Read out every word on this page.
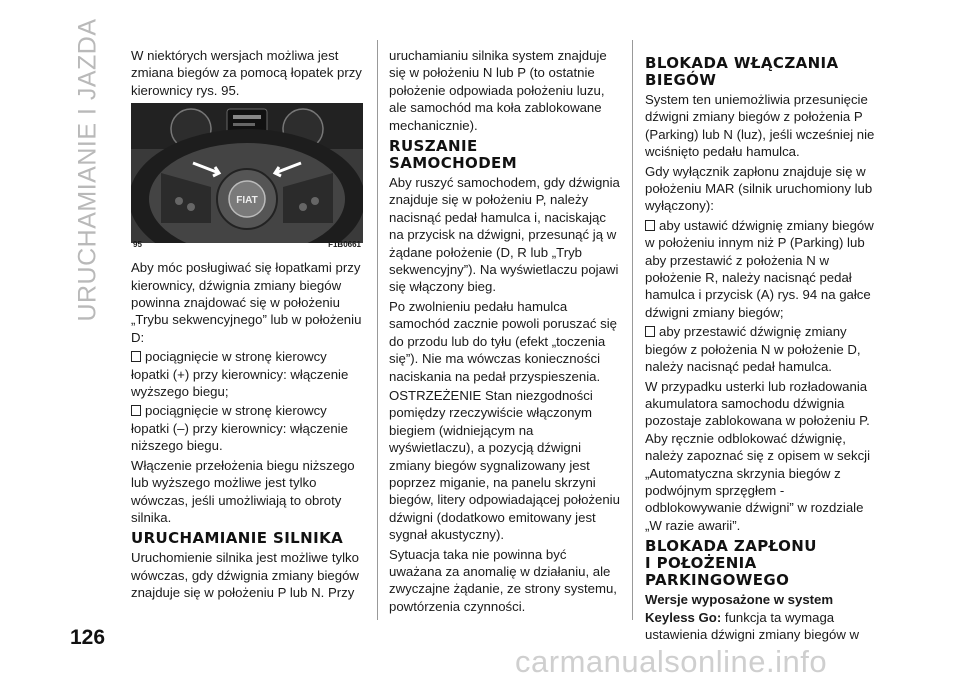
URUCHAMIANIE I JAZDA W niektórych wersjach możliwa jest zmiana biegów za pomocą łopatek przy kierownicy rys. 95.

FIAT
95	F1B0661

Aby móc posługiwać się łopatkami przy kierownicy, dźwignia zmiany biegów powinna znajdować się w położeniu „Trybu sekwencyjnego” lub w położeniu D:

pociągnięcie w stronę kierowcy łopatki (+) przy kierownicy: włączenie wyższego biegu;

pociągnięcie w stronę kierowcy łopatki (–) przy kierownicy: włączenie niższego biegu.

Włączenie przełożenia biegu niższego lub wyższego możliwe jest tylko wówczas, jeśli umożliwiają to obroty silnika.

URUCHAMIANIE SILNIKA

Uruchomienie silnika jest możliwe tylko wówczas, gdy dźwignia zmiany biegów znajduje się w położeniu P lub N. Przy

uruchamianiu silnika system znajduje się w położeniu N lub P (to ostatnie położenie odpowiada położeniu luzu, ale samochód ma koła zablokowane mechanicznie).

RUSZANIE
SAMOCHODEM

Aby ruszyć samochodem, gdy dźwignia znajduje się w położeniu P, należy nacisnąć pedał hamulca i, naciskając na przycisk na dźwigni, przesunąć ją w żądane położenie (D, R lub „Tryb sekwencyjny”). Na wyświetlaczu pojawi się włączony bieg.

Po zwolnieniu pedału hamulca samochód zacznie powoli poruszać się do przodu lub do tyłu (efekt „toczenia się”). Nie ma wówczas konieczności naciskania na pedał przyspieszenia.

OSTRZEŻENIE Stan niezgodności pomiędzy rzeczywiście włączonym biegiem (widniejącym na wyświetlaczu), a pozycją dźwigni zmiany biegów sygnalizowany jest poprzez miganie, na panelu skrzyni biegów, litery odpowiadającej położeniu dźwigni (dodatkowo emitowany jest sygnał akustyczny).

Sytuacja taka nie powinna być uważana za anomalię w działaniu, ale zwyczajne żądanie, ze strony systemu, powtórzenia czynności.

BLOKADA WŁĄCZANIA
BIEGÓW

System ten uniemożliwia przesunięcie dźwigni zmiany biegów z położenia P (Parking) lub N (luz), jeśli wcześniej nie wciśnięto pedału hamulca.

Gdy wyłącznik zapłonu znajduje się w położeniu MAR (silnik uruchomiony lub wyłączony):

aby ustawić dźwignię zmiany biegów w położeniu innym niż P (Parking) lub aby przestawić z położenia N w położenie R, należy nacisnąć pedał hamulca i przycisk (A) rys. 94 na gałce dźwigni zmiany biegów;

aby przestawić dźwignię zmiany biegów z położenia N w położenie D, należy nacisnąć pedał hamulca.

W przypadku usterki lub rozładowania akumulatora samochodu dźwignia pozostaje zablokowana w położeniu P. Aby ręcznie odblokować dźwignię, należy zapoznać się z opisem w sekcji „Automatyczna skrzynia biegów z podwójnym sprzęgłem - odblokowywanie dźwigni” w rozdziale „W razie awarii”.

BLOKADA ZAPŁONU
I POŁOŻENIA
PARKINGOWEGO

Wersje wyposażone w system Keyless Go: funkcja ta wymaga ustawienia dźwigni zmiany biegów w

126
carmanualsonline.info
